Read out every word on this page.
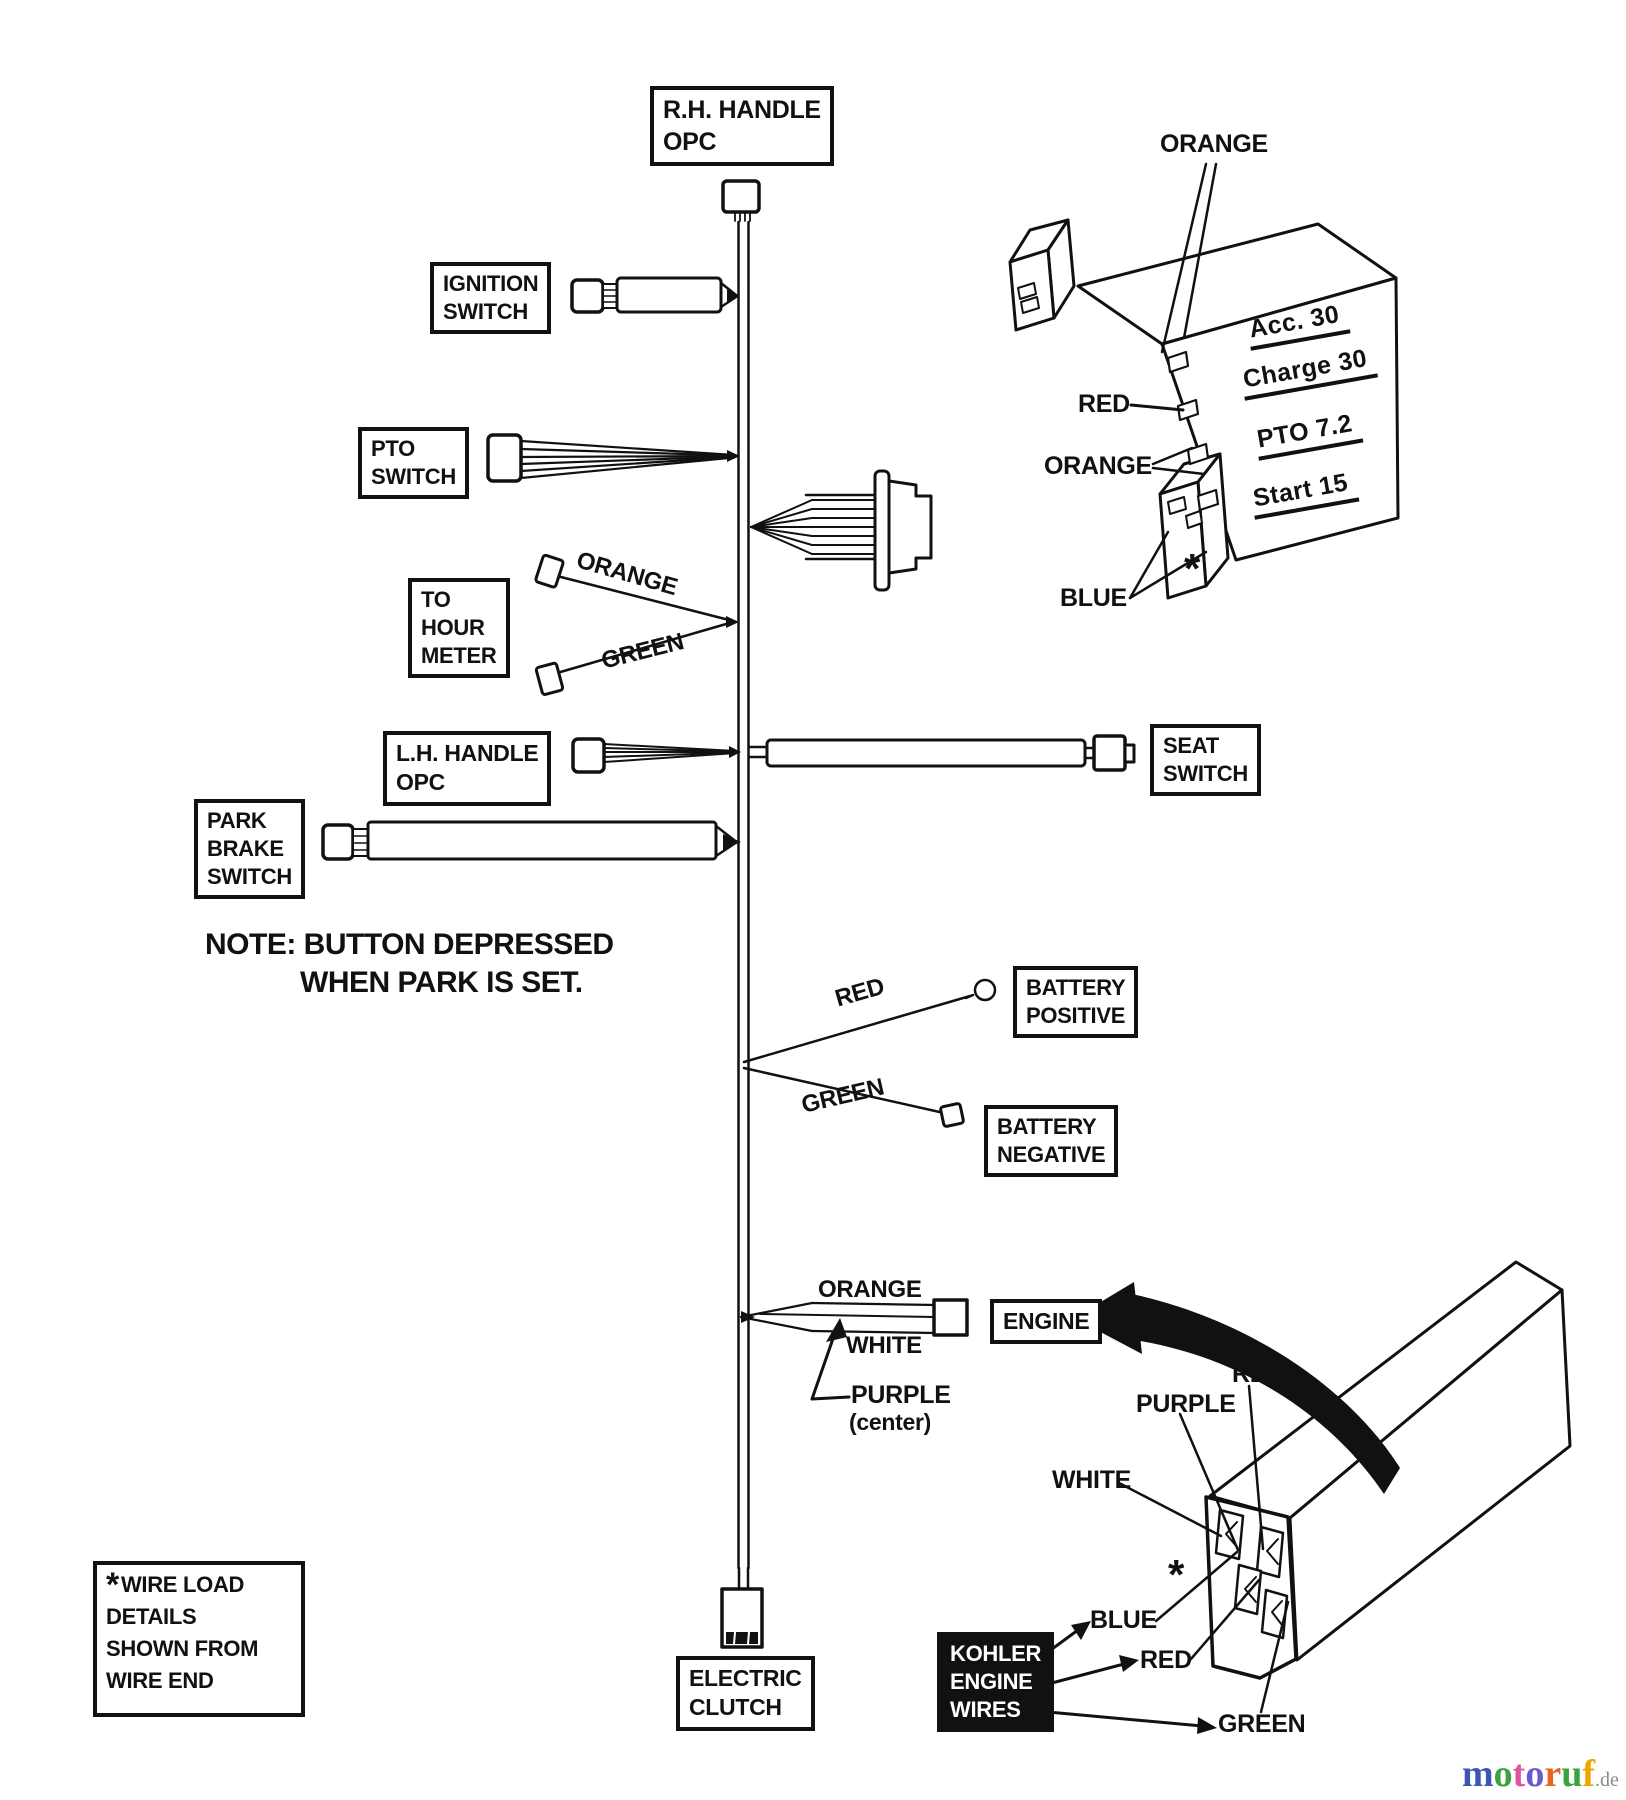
R.H. HANDLE
OPC
IGNITION
SWITCH
PTO
SWITCH
TO
HOUR
METER
L.H. HANDLE
OPC
PARK
BRAKE
SWITCH
SEAT
SWITCH
BATTERY
POSITIVE
BATTERY
NEGATIVE
ENGINE
ELECTRIC
CLUTCH
*WIRE LOAD
DETAILS
SHOWN FROM
WIRE END
KOHLER
ENGINE
WIRES
NOTE: BUTTON DEPRESSED
WHEN PARK IS SET.
ORANGE
GREEN
RED
GREEN
ORANGE
WHITE
PURPLE
(center)
ORANGE
RED
ORANGE
BLUE
Acc. 30
Charge 30
PTO 7.2
Start 15
*
RED
PURPLE
WHITE
BLUE
RED
GREEN
*
motoruf.de
